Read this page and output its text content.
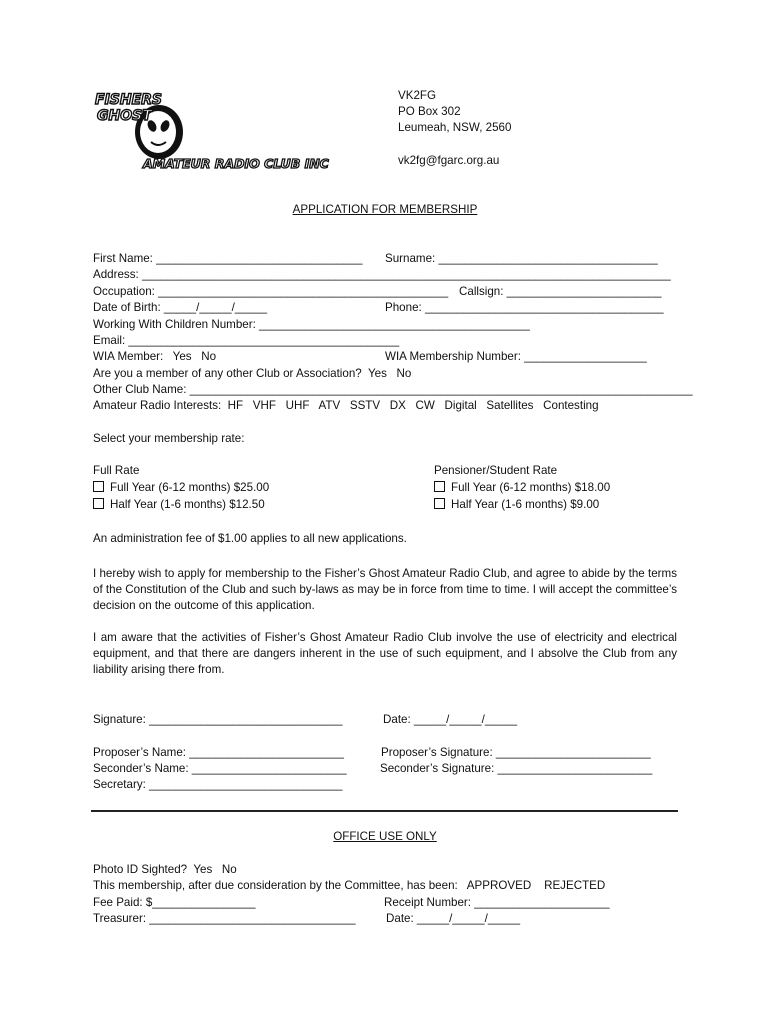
FISHERS
GHOST
AMATEUR RADIO CLUB INC
VK2FG
PO Box 302
Leumeah, NSW, 2560
vk2fg@fgarc.org.au
APPLICATION FOR MEMBERSHIP
First Name: ________________________________ Surname: __________________________________
Address: __________________________________________________________________________________
Occupation: _____________________________________________ Callsign: ________________________
Date of Birth: _____/_____/_____	Phone: _____________________________________
Working With Children Number: __________________________________________
Email: __________________________________________
WIA Member:   Yes   No	WIA Membership Number: ___________________
Are you a member of any other Club or Association?  Yes   No
Other Club Name: ______________________________________________________________________________
Amateur Radio Interests:  HF   VHF   UHF   ATV   SSTV   DX   CW   Digital   Satellites   Contesting
Select your membership rate:
Full Rate
Full Year (6-12 months) $25.00
Half Year (1-6 months) $12.50
Pensioner/Student Rate
Full Year (6-12 months) $18.00
Half Year (1-6 months) $9.00
An administration fee of $1.00 applies to all new applications.
I hereby wish to apply for membership to the Fisher’s Ghost Amateur Radio Club, and agree to abide by the terms of the Constitution of the Club and such by-laws as may be in force from time to time. I will accept the committee’s decision on the outcome of this application.
I am aware that the activities of Fisher’s Ghost Amateur Radio Club involve the use of electricity and electrical equipment, and that there are dangers inherent in the use of such equipment, and I absolve the Club from any liability arising there from.
Signature: ______________________________	Date: _____/_____/_____
Proposer’s Name: ________________________	Proposer’s Signature: ________________________
Seconder’s Name: ________________________	Seconder’s Signature: ________________________
Secretary: ______________________________
OFFICE USE ONLY
Photo ID Sighted?  Yes   No
This membership, after due consideration by the Committee, has been:   APPROVED    REJECTED
Fee Paid: $________________	Receipt Number: _____________________
Treasurer: ________________________________	Date: _____/_____/_____
